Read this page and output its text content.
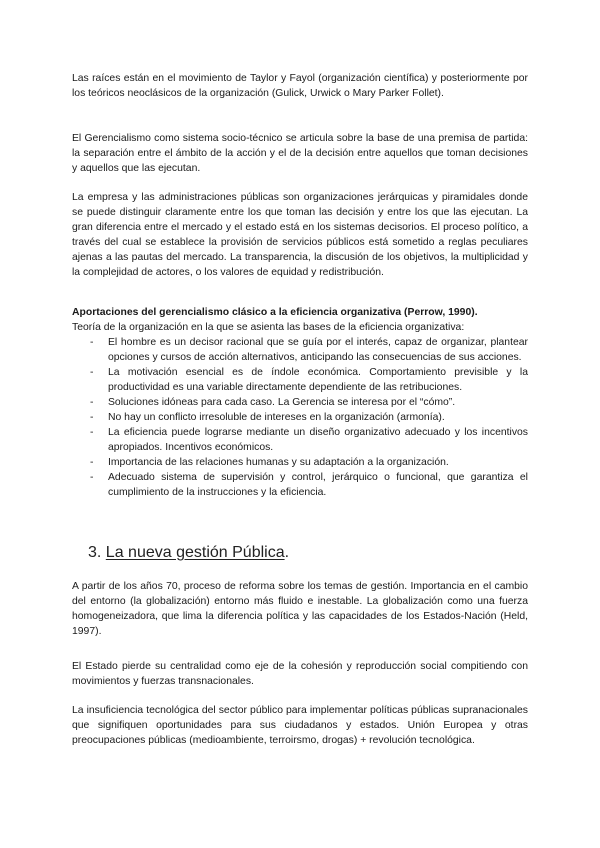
Las raíces están en el movimiento de Taylor y Fayol (organización científica) y posteriormente por los teóricos neoclásicos de la organización (Gulick, Urwick o Mary Parker Follet).

El Gerencialismo como sistema socio-técnico se articula sobre la base de una premisa de partida: la separación entre el ámbito de la acción y el de la decisión entre aquellos que toman decisiones y aquellos que las ejecutan.

La empresa y las administraciones públicas son organizaciones jerárquicas y piramidales donde se puede distinguir claramente entre los que toman las decisión y entre los que las ejecutan. La gran diferencia entre el mercado y el estado está en los sistemas decisorios. El proceso político, a través del cual se establece la provisión de servicios públicos está sometido a reglas peculiares ajenas a las pautas del mercado. La transparencia, la discusión de los objetivos, la multiplicidad y la complejidad de actores, o los valores de equidad y redistribución.

Aportaciones del gerencialismo clásico a la eficiencia organizativa (Perrow, 1990).
Teoría de la organización en la que se asienta las bases de la eficiencia organizativa:
- El hombre es un decisor racional que se guía por el interés, capaz de organizar, plantear opciones y cursos de acción alternativos, anticipando las consecuencias de sus acciones.
- La motivación esencial es de índole económica. Comportamiento previsible y la productividad es una variable directamente dependiente de las retribuciones.
- Soluciones idóneas para cada caso. La Gerencia se interesa por el “cómo”.
- No hay un conflicto irresoluble de intereses en la organización (armonía).
- La eficiencia puede lograrse mediante un diseño organizativo adecuado y los incentivos apropiados. Incentivos económicos.
- Importancia de las relaciones humanas y su adaptación a la organización.
- Adecuado sistema de supervisión y control, jerárquico o funcional, que garantiza el cumplimiento de la instrucciones y la eficiencia.
3. La nueva gestión Pública.

A partir de los años 70, proceso de reforma sobre los temas de gestión. Importancia en el cambio del entorno (la globalización) entorno más fluido e inestable. La globalización como una fuerza homogeneizadora, que lima la diferencia política y las capacidades de los Estados-Nación (Held, 1997).

El Estado pierde su centralidad como eje de la cohesión y reproducción social compitiendo con movimientos y fuerzas transnacionales.

La insuficiencia tecnológica del sector público para implementar políticas públicas supranacionales que signifiquen oportunidades para sus ciudadanos y estados. Unión Europea y otras preocupaciones públicas (medioambiente, terroirsmo, drogas) + revolución tecnológica.
